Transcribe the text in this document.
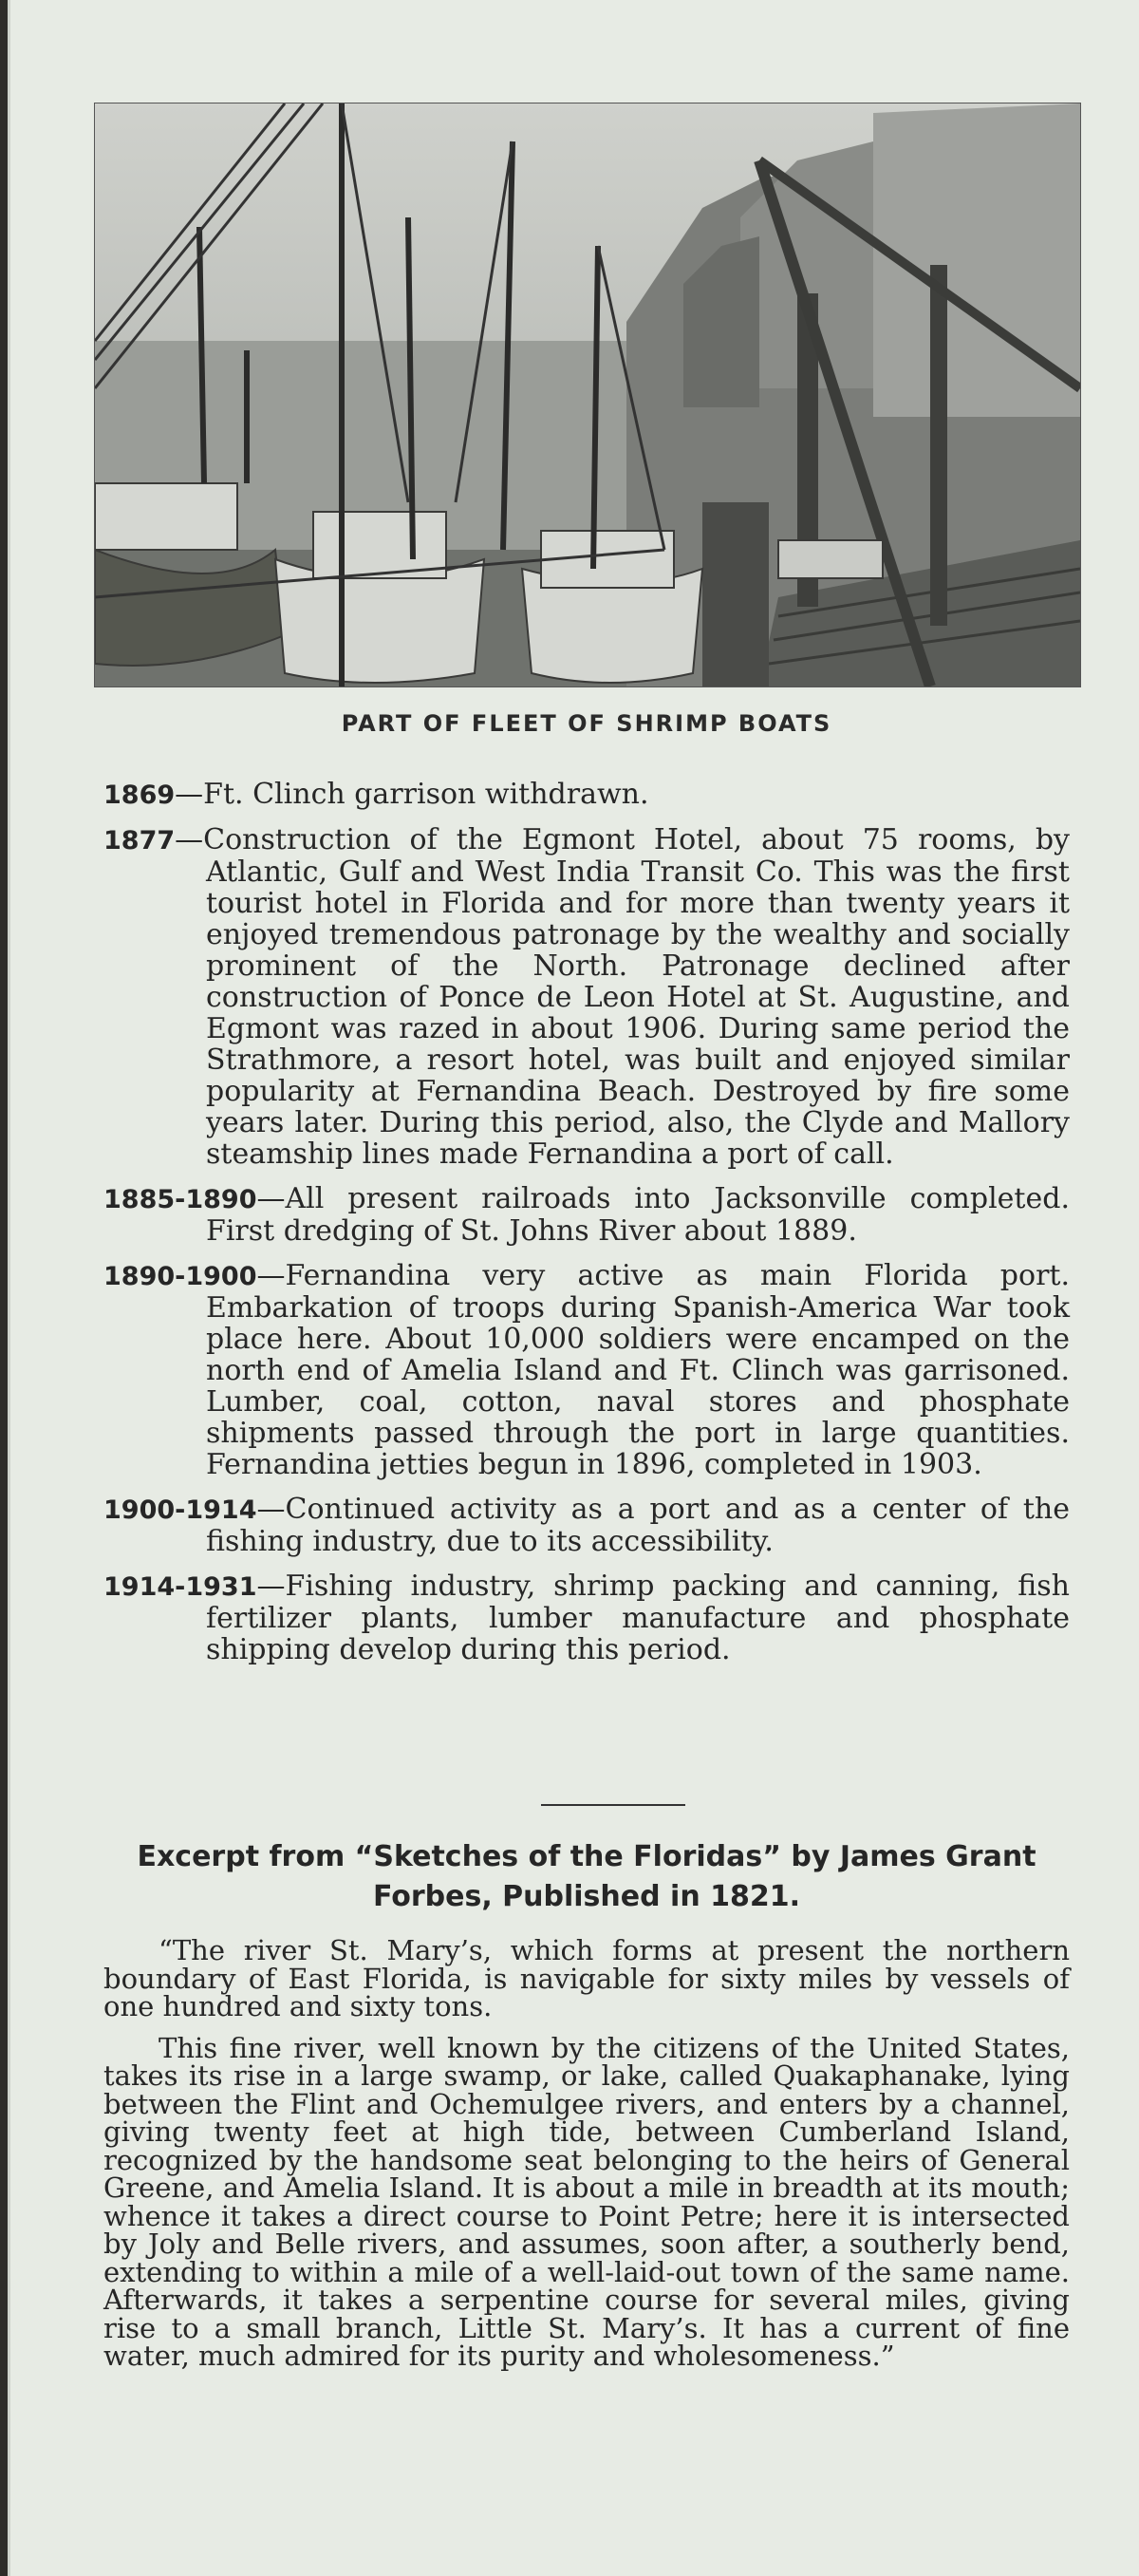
PART OF FLEET OF SHRIMP BOATS

1869—Ft. Clinch garrison withdrawn.

1877—Construction of the Egmont Hotel, about 75 rooms, by Atlantic, Gulf and West India Transit Co. This was the first tourist hotel in Florida and for more than twenty years it enjoyed tremendous patronage by the wealthy and socially prominent of the North. Patronage declined after construction of Ponce de Leon Hotel at St. Augustine, and Egmont was razed in about 1906. During same period the Strathmore, a resort hotel, was built and enjoyed similar popularity at Fernandina Beach. Destroyed by fire some years later. During this period, also, the Clyde and Mallory steamship lines made Fernandina a port of call.

1885-1890—All present railroads into Jacksonville completed. First dredging of St. Johns River about 1889.

1890-1900—Fernandina very active as main Florida port. Embarkation of troops during Spanish-America War took place here. About 10,000 soldiers were encamped on the north end of Amelia Island and Ft. Clinch was garrisoned. Lumber, coal, cotton, naval stores and phosphate shipments passed through the port in large quantities. Fernandina jetties begun in 1896, completed in 1903.

1900-1914—Continued activity as a port and as a center of the fishing industry, due to its accessibility.

1914-1931—Fishing industry, shrimp packing and canning, fish fertilizer plants, lumber manufacture and phosphate shipping develop during this period.

Excerpt from “Sketches of the Floridas” by James Grant Forbes, Published in 1821.

“The river St. Mary’s, which forms at present the northern boundary of East Florida, is navigable for sixty miles by vessels of one hundred and sixty tons.

This fine river, well known by the citizens of the United States, takes its rise in a large swamp, or lake, called Quakaphanake, lying between the Flint and Ochemulgee rivers, and enters by a channel, giving twenty feet at high tide, between Cumberland Island, recognized by the handsome seat belonging to the heirs of General Greene, and Amelia Island. It is about a mile in breadth at its mouth; whence it takes a direct course to Point Petre; here it is intersected by Joly and Belle rivers, and assumes, soon after, a southerly bend, extending to within a mile of a well-laid-out town of the same name. Afterwards, it takes a serpentine course for several miles, giving rise to a small branch, Little St. Mary’s. It has a current of fine water, much admired for its purity and wholesomeness.”
